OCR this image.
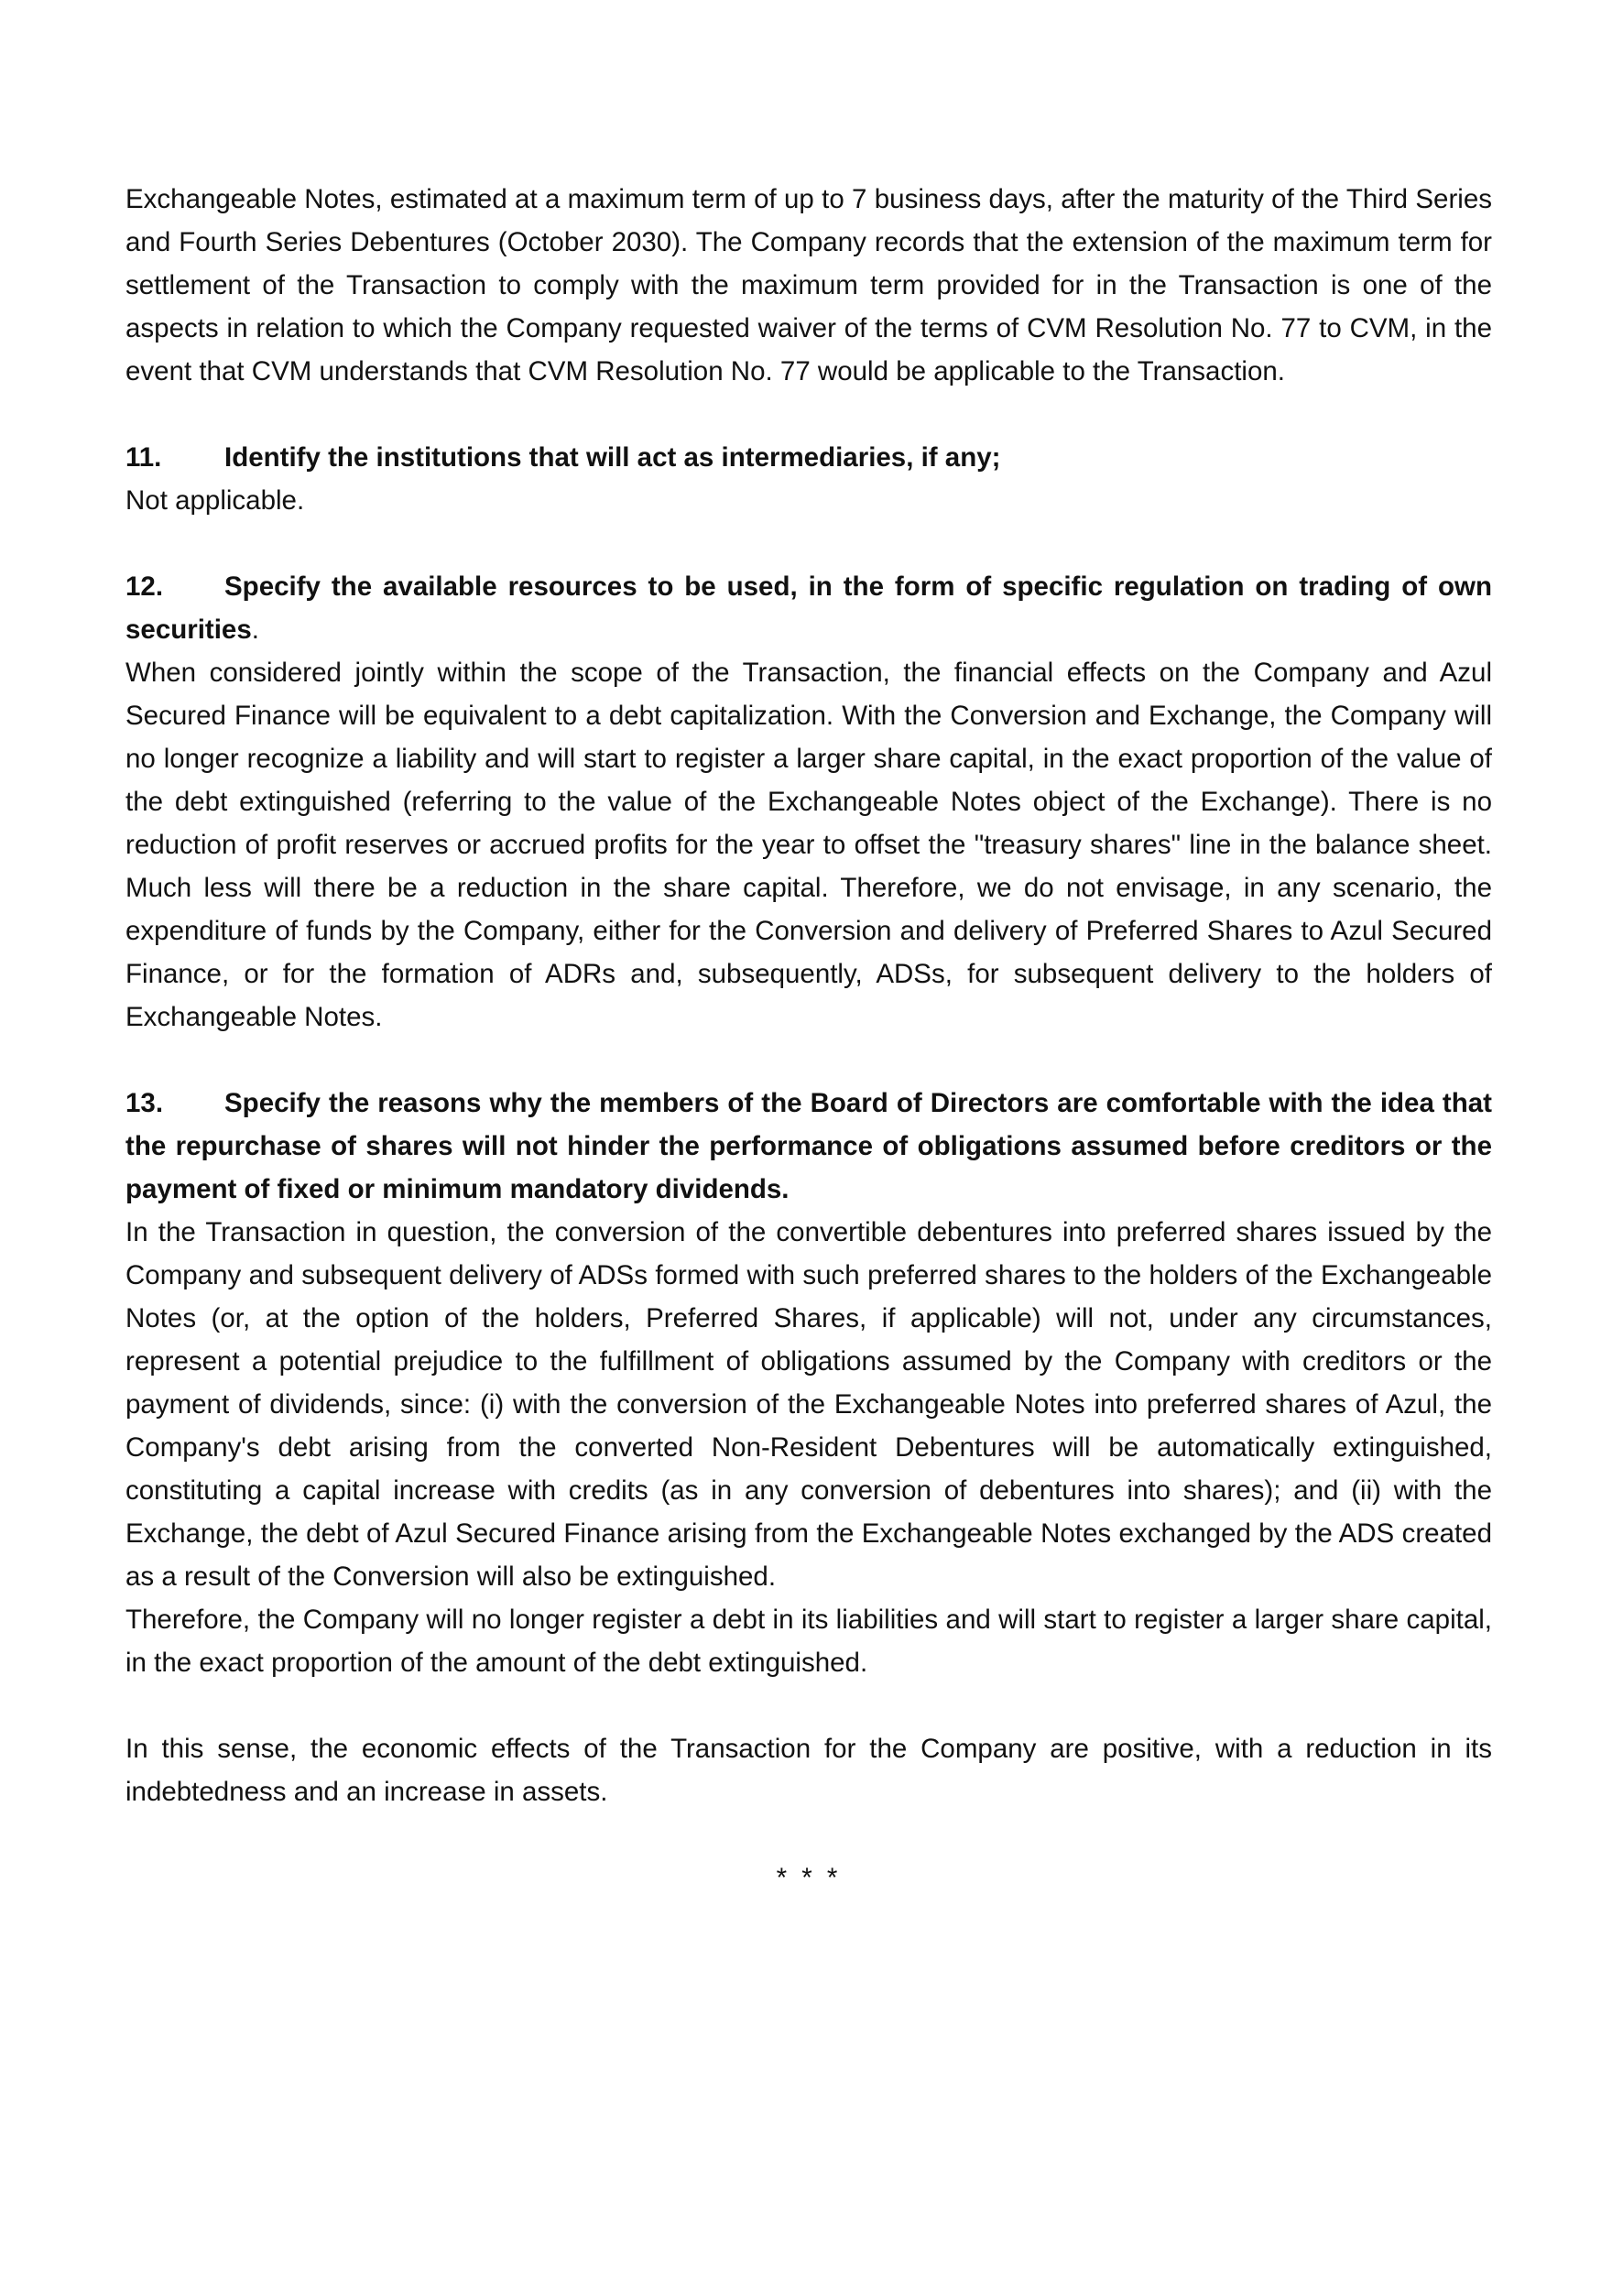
Exchangeable Notes, estimated at a maximum term of up to 7 business days, after the maturity of the Third Series and Fourth Series Debentures (October 2030). The Company records that the extension of the maximum term for settlement of the Transaction to comply with the maximum term provided for in the Transaction is one of the aspects in relation to which the Company requested waiver of the terms of CVM Resolution No. 77 to CVM, in the event that CVM understands that CVM Resolution No. 77 would be applicable to the Transaction.

11. Identify the institutions that will act as intermediaries, if any;

Not applicable.

12. Specify the available resources to be used, in the form of specific regulation on trading of own securities.

When considered jointly within the scope of the Transaction, the financial effects on the Company and Azul Secured Finance will be equivalent to a debt capitalization. With the Conversion and Exchange, the Company will no longer recognize a liability and will start to register a larger share capital, in the exact proportion of the value of the debt extinguished (referring to the value of the Exchangeable Notes object of the Exchange). There is no reduction of profit reserves or accrued profits for the year to offset the "treasury shares" line in the balance sheet. Much less will there be a reduction in the share capital. Therefore, we do not envisage, in any scenario, the expenditure of funds by the Company, either for the Conversion and delivery of Preferred Shares to Azul Secured Finance, or for the formation of ADRs and, subsequently, ADSs, for subsequent delivery to the holders of Exchangeable Notes.

13. Specify the reasons why the members of the Board of Directors are comfortable with the idea that the repurchase of shares will not hinder the performance of obligations assumed before creditors or the payment of fixed or minimum mandatory dividends.

In the Transaction in question, the conversion of the convertible debentures into preferred shares issued by the Company and subsequent delivery of ADSs formed with such preferred shares to the holders of the Exchangeable Notes (or, at the option of the holders, Preferred Shares, if applicable) will not, under any circumstances, represent a potential prejudice to the fulfillment of obligations assumed by the Company with creditors or the payment of dividends, since: (i) with the conversion of the Exchangeable Notes into preferred shares of Azul, the Company's debt arising from the converted Non-Resident Debentures will be automatically extinguished, constituting a capital increase with credits (as in any conversion of debentures into shares); and (ii) with the Exchange, the debt of Azul Secured Finance arising from the Exchangeable Notes exchanged by the ADS created as a result of the Conversion will also be extinguished.

Therefore, the Company will no longer register a debt in its liabilities and will start to register a larger share capital, in the exact proportion of the amount of the debt extinguished.

In this sense, the economic effects of the Transaction for the Company are positive, with a reduction in its indebtedness and an increase in assets.

* * *
